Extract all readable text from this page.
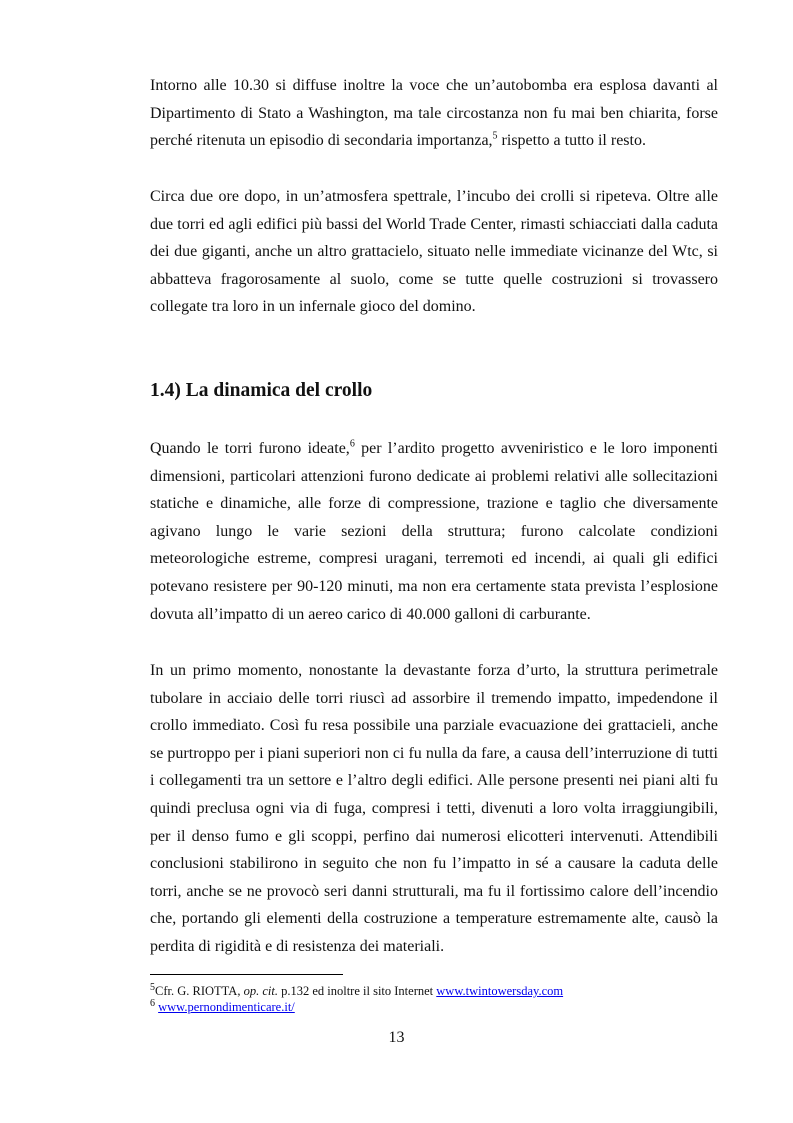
Intorno alle 10.30 si diffuse inoltre la voce che un’autobomba era esplosa davanti al Dipartimento di Stato a Washington, ma tale circostanza non fu mai ben chiarita, forse perché ritenuta un episodio di secondaria importanza,$^5$ rispetto a tutto il resto.

Circa due ore dopo, in un’atmosfera spettrale, l’incubo dei crolli si ripeteva. Oltre alle due torri ed agli edifici più bassi del World Trade Center, rimasti schiacciati dalla caduta dei due giganti, anche un altro grattacielo, situato nelle immediate vicinanze del Wtc, si abbatteva fragorosamente al suolo, come se tutte quelle costruzioni si trovassero collegate tra loro in un infernale gioco del domino.

1.4) La dinamica del crollo

Quando le torri furono ideate,$^6$ per l’ardito progetto avveniristico e le loro imponenti dimensioni, particolari attenzioni furono dedicate ai problemi relativi alle sollecitazioni statiche e dinamiche, alle forze di compressione, trazione e taglio che diversamente agivano lungo le varie sezioni della struttura; furono calcolate condizioni meteorologiche estreme, compresi uragani, terremoti ed incendi, ai quali gli edifici potevano resistere per 90-120 minuti, ma non era certamente stata prevista l’esplosione dovuta all’impatto di un aereo carico di 40.000 galloni di carburante.

In un primo momento, nonostante la devastante forza d’urto, la struttura perimetrale tubolare in acciaio delle torri riuscì ad assorbire il tremendo impatto, impedendone il crollo immediato. Così fu resa possibile una parziale evacuazione dei grattacieli, anche se purtroppo per i piani superiori non ci fu nulla da fare, a causa dell’interruzione di tutti i collegamenti tra un settore e l’altro degli edifici. Alle persone presenti nei piani alti fu quindi preclusa ogni via di fuga, compresi i tetti, divenuti a loro volta irraggiungibili, per il denso fumo e gli scoppi, perfino dai numerosi elicotteri intervenuti. Attendibili conclusioni stabilirono in seguito che non fu l’impatto in sé a causare la caduta delle torri, anche se ne provocò seri danni strutturali, ma fu il fortissimo calore dell’incendio che, portando gli elementi della costruzione a temperature estremamente alte, causò la perdita di rigidità e di resistenza dei materiali.

$^5$Cfr. G. RIOTTA, op. cit. p.132 ed inoltre il sito Internet www.twintowersday.com

$^6$ www.pernondimenticare.it/

13
